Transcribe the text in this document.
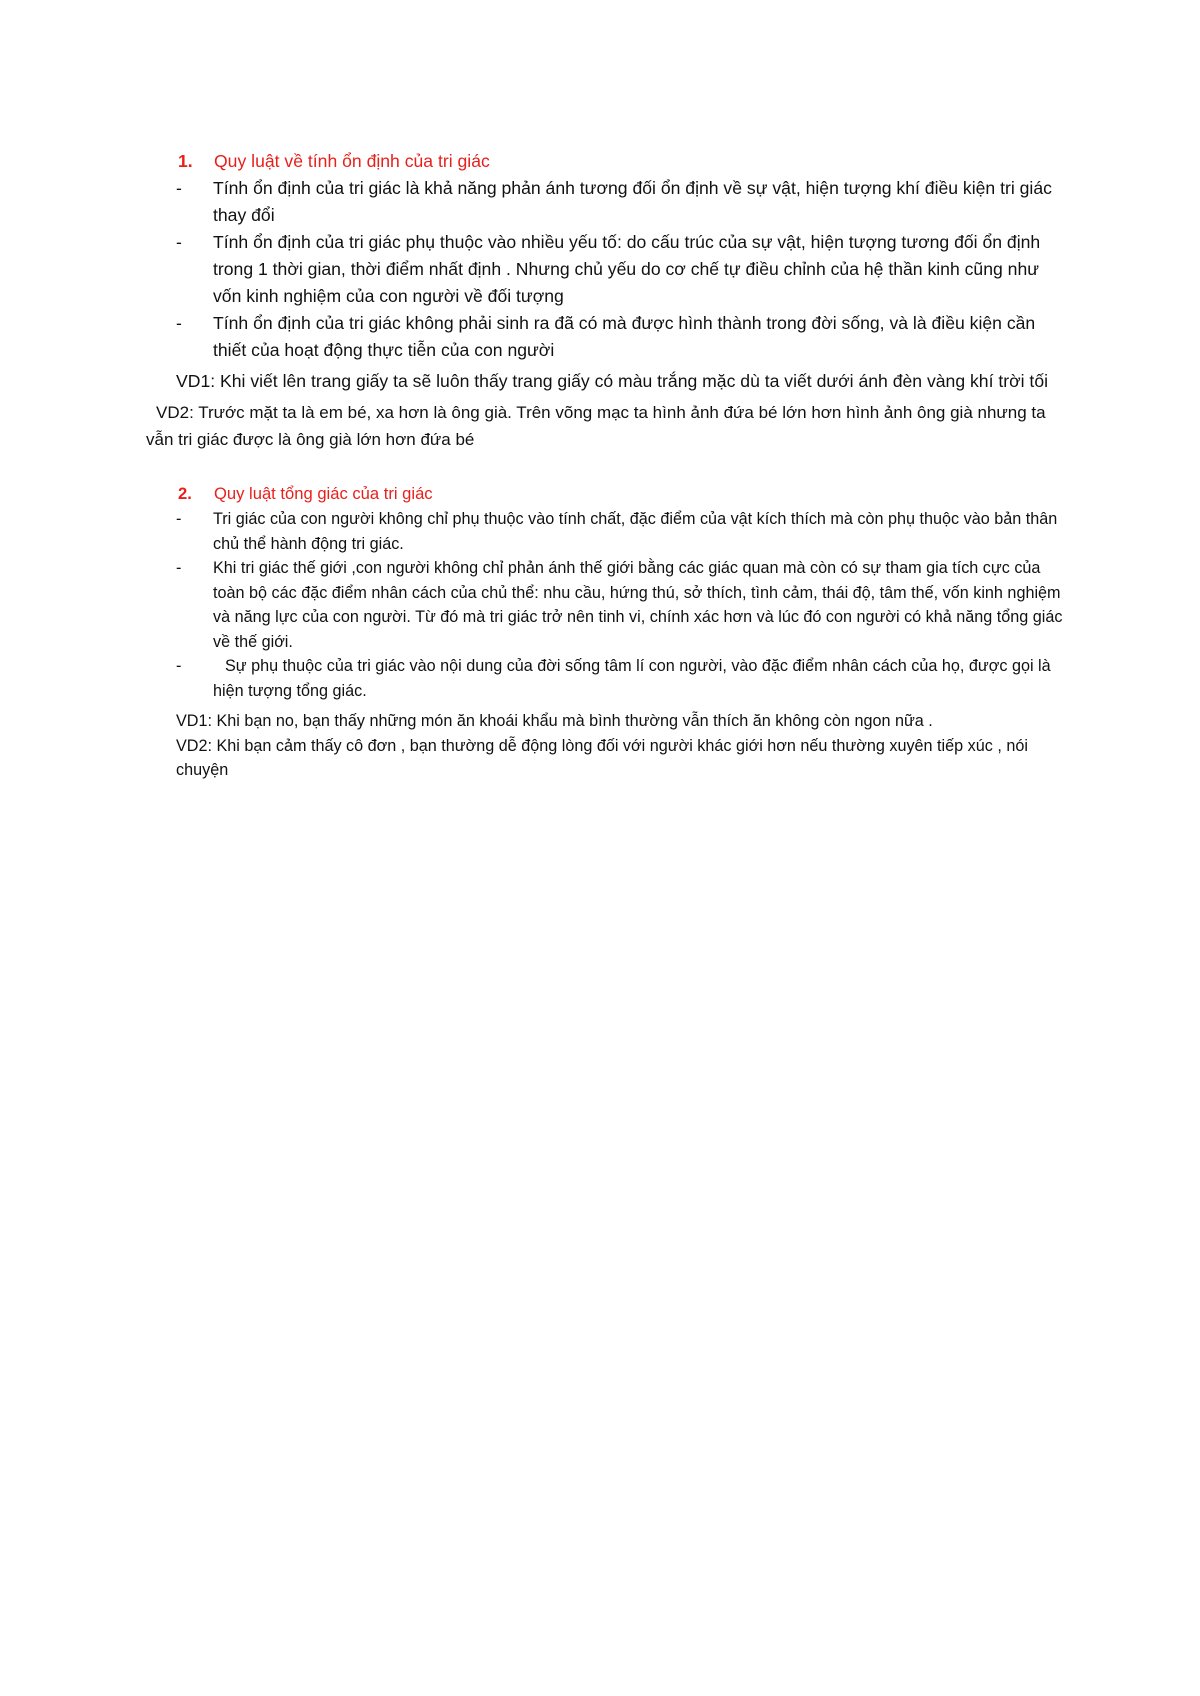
1.	Quy luật về tính ổn định của tri giác
-	Tính ổn định của tri giác là khả năng phản ánh tương đối ổn định về sự vật, hiện tượng khí điều kiện tri giác thay đổi
-	Tính ổn định của tri giác phụ thuộc vào nhiều yếu tố: do cấu trúc của sự vật, hiện tượng tương đối ổn định trong 1 thời gian, thời điểm nhất định . Nhưng chủ yếu do cơ chế tự điều chỉnh của hệ thần kinh cũng như vốn kinh nghiệm của con người về đối tượng
-	Tính ổn định của tri giác không phải sinh ra đã có mà được hình thành trong đời sống, và là điều kiện cần thiết của hoạt động thực tiễn của con người
VD1: Khi viết lên trang giấy ta sẽ luôn thấy trang giấy có màu trắng mặc dù ta viết dưới ánh đèn vàng khí trời tối
VD2: Trước mặt ta là em bé, xa hơn là ông già. Trên võng mạc ta hình ảnh đứa bé lớn hơn hình ảnh ông già nhưng ta vẫn tri giác được là ông già lớn hơn đứa bé
2.	Quy luật tổng giác của tri giác
-	Tri giác của con người không chỉ phụ thuộc vào tính chất, đặc điểm của vật kích thích mà còn phụ thuộc vào bản thân chủ thể hành động tri giác.
-	Khi tri giác thế giới ,con người không chỉ phản ánh thế giới bằng các giác quan mà còn có sự tham gia tích cực của toàn bộ các đặc điểm nhân cách của chủ thể: nhu cầu, hứng thú, sở thích, tình cảm, thái độ, tâm thế, vốn kinh nghiệm và năng lực của con người. Từ đó mà tri giác trở nên tinh vi, chính xác hơn và lúc đó con người có khả năng tổng giác về thế giới.
-	Sự phụ thuộc của tri giác vào nội dung của đời sống tâm lí con người, vào đặc điểm nhân cách của họ, được gọi là hiện tượng tổng giác.
VD1: Khi bạn no, bạn thấy những món ăn khoái khẩu mà bình thường vẫn thích ăn không còn ngon nữa .
VD2: Khi bạn cảm thấy cô đơn , bạn thường dễ động lòng đối với người khác giới hơn nếu thường xuyên tiếp xúc , nói chuyện
